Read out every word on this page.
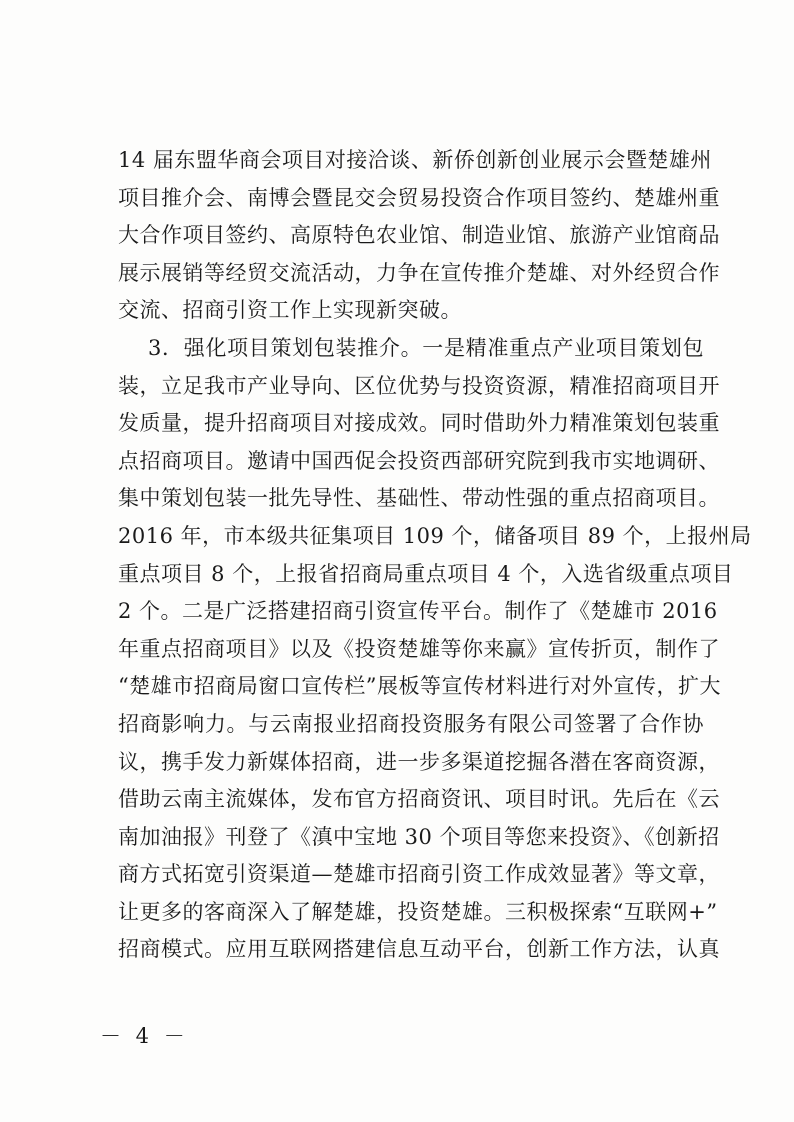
14 届东盟华商会项目对接洽谈、新侨创新创业展示会暨楚雄州
项目推介会、南博会暨昆交会贸易投资合作项目签约、楚雄州重
大合作项目签约、高原特色农业馆、制造业馆、旅游产业馆商品
展示展销等经贸交流活动，力争在宣传推介楚雄、对外经贸合作
交流、招商引资工作上实现新突破。
3．强化项目策划包装推介。一是精准重点产业项目策划包
装，立足我市产业导向、区位优势与投资资源，精准招商项目开
发质量，提升招商项目对接成效。同时借助外力精准策划包装重
点招商项目。邀请中国西促会投资西部研究院到我市实地调研、
集中策划包装一批先导性、基础性、带动性强的重点招商项目。
2016 年，市本级共征集项目 109 个，储备项目 89 个，上报州局
重点项目 8 个，上报省招商局重点项目 4 个，入选省级重点项目
2 个。二是广泛搭建招商引资宣传平台。制作了《楚雄市 2016
年重点招商项目》以及《投资楚雄等你来赢》宣传折页，制作了
“楚雄市招商局窗口宣传栏”展板等宣传材料进行对外宣传，扩大
招商影响力。与云南报业招商投资服务有限公司签署了合作协
议，携手发力新媒体招商，进一步多渠道挖掘各潜在客商资源，
借助云南主流媒体，发布官方招商资讯、项目时讯。先后在《云
南加油报》刊登了《滇中宝地 30 个项目等您来投资》、《创新招
商方式拓宽引资渠道—楚雄市招商引资工作成效显著》等文章，
让更多的客商深入了解楚雄，投资楚雄。三积极探索“互联网+”
招商模式。应用互联网搭建信息互动平台，创新工作方法，认真
－ 4 －
